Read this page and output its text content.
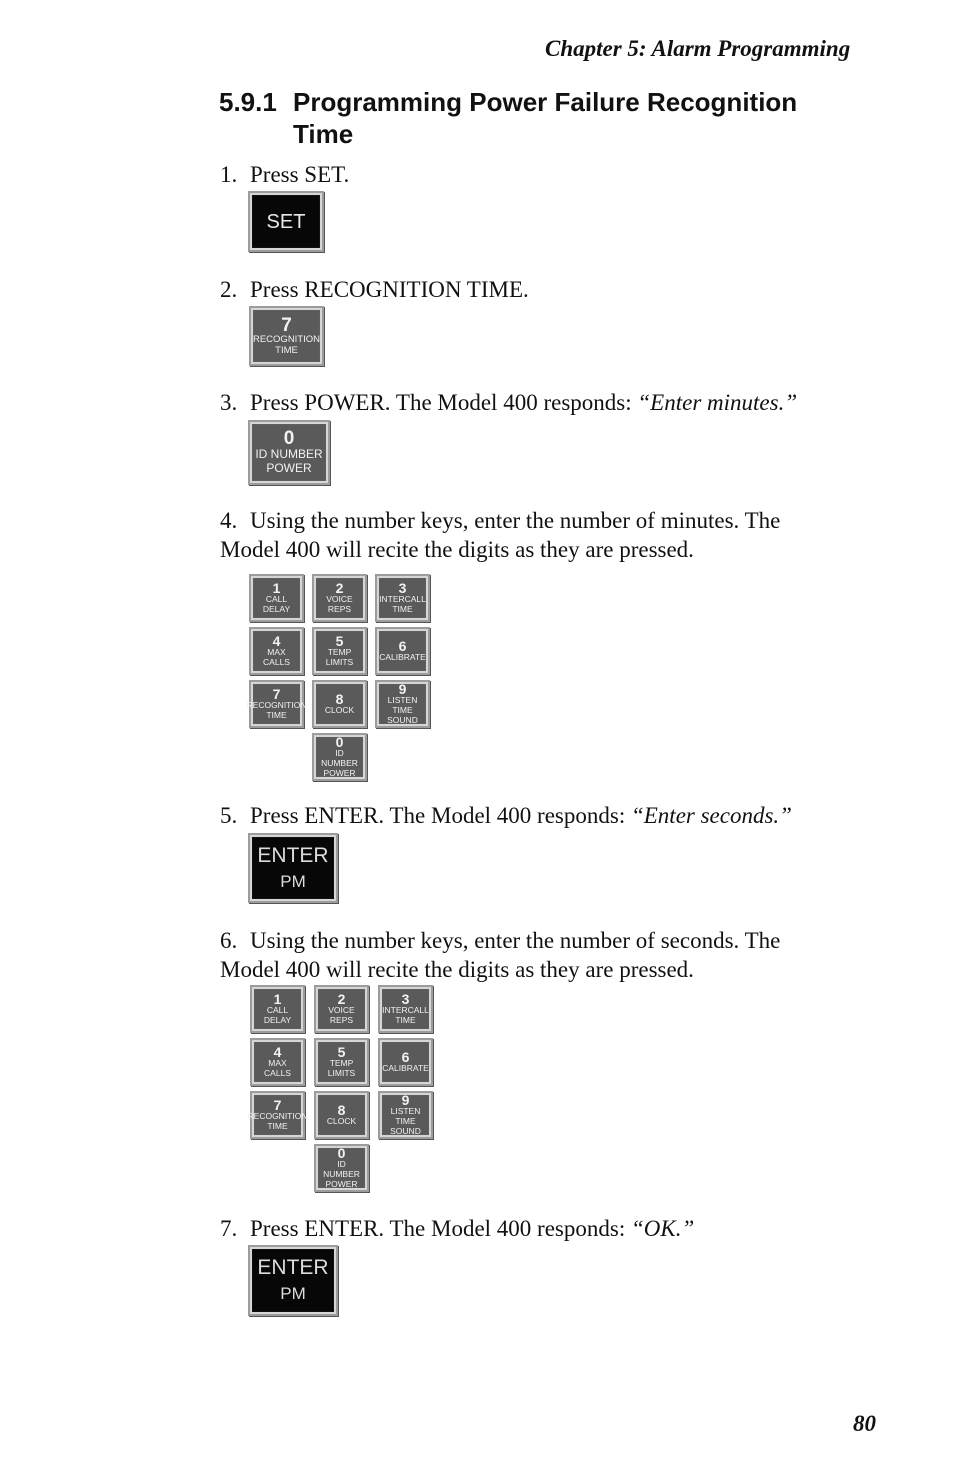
Chapter 5: Alarm Programming
5.9.1 Programming Power Failure Recognition
Time
1. Press SET.
SET
2. Press RECOGNITION TIME.
7
RECOGNITION
TIME
3. Press POWER. The Model 400 responds: “Enter minutes.”
0
ID NUMBER
POWER
4. Using the number keys, enter the number of minutes. The
Model 400 will recite the digits as they are pressed.
1
CALL
DELAY
2
VOICE
REPS
3
INTERCALL
TIME
4
MAX CALLS
5
TEMP LIMITS
6
CALIBRATE
7
RECOGNITION
TIME
8
CLOCK
9
LISTEN TIME
SOUND
0
ID NUMBER
POWER
5. Press ENTER. The Model 400 responds: “Enter seconds.”
ENTER
PM
6. Using the number keys, enter the number of seconds. The
Model 400 will recite the digits as they are pressed.
1
CALL
DELAY
2
VOICE
REPS
3
INTERCALL
TIME
4
MAX CALLS
5
TEMP LIMITS
6
CALIBRATE
7
RECOGNITION
TIME
8
CLOCK
9
LISTEN TIME
SOUND
0
ID NUMBER
POWER
7. Press ENTER. The Model 400 responds: “OK.”
ENTER
PM
80
